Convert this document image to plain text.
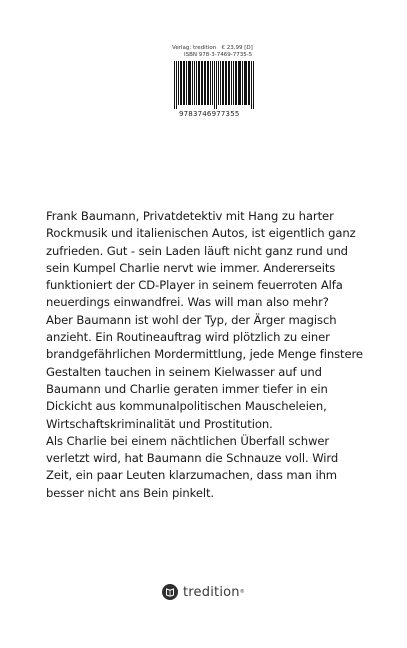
Verlag: tredition € 23,99 [D]
ISBN 978-3-7469-7735-5
9783746977355

Frank Baumann, Privatdetektiv mit Hang zu harter Rockmusik und italienischen Autos, ist eigentlich ganz zufrieden. Gut - sein Laden läuft nicht ganz rund und sein Kumpel Charlie nervt wie immer. Andererseits funktioniert der CD-Player in seinem feuerroten Alfa neuerdings einwandfrei. Was will man also mehr?

Aber Baumann ist wohl der Typ, der Ärger magisch anzieht. Ein Routineauftrag wird plötzlich zu einer brandgefährlichen Mordermittlung, jede Menge finstere Gestalten tauchen in seinem Kielwasser auf und Baumann und Charlie geraten immer tiefer in ein Dickicht aus kommunalpolitischen Mauscheleien, Wirtschaftskriminalität und Prostitution.

Als Charlie bei einem nächtlichen Überfall schwer verletzt wird, hat Baumann die Schnauze voll. Wird Zeit, ein paar Leuten klarzumachen, dass man ihm besser nicht ans Bein pinkelt.

tredition ®
